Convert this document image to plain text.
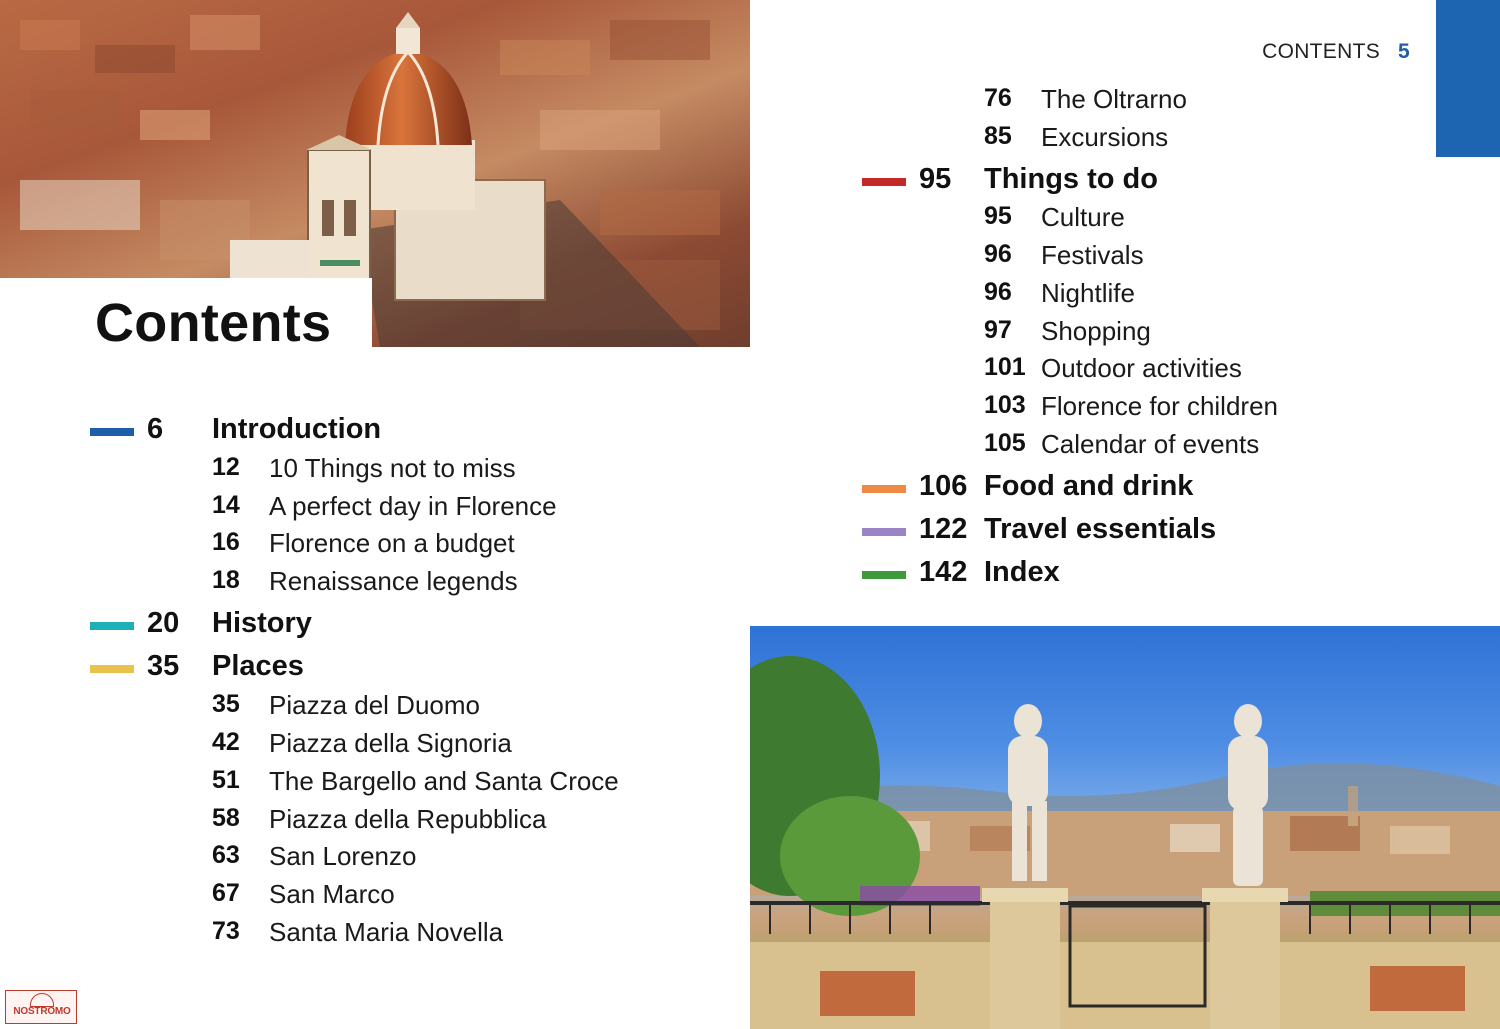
Contents
CONTENTS 5
6 Introduction
12 10 Things not to miss
14 A perfect day in Florence
16 Florence on a budget
18 Renaissance legends
20 History
35 Places
35 Piazza del Duomo
42 Piazza della Signoria
51 The Bargello and Santa Croce
58 Piazza della Repubblica
63 San Lorenzo
67 San Marco
73 Santa Maria Novella
76 The Oltrarno
85 Excursions
95 Things to do
95 Culture
96 Festivals
96 Nightlife
97 Shopping
101 Outdoor activities
103 Florence for children
105 Calendar of events
106 Food and drink
122 Travel essentials
142 Index
NOSTROMO
